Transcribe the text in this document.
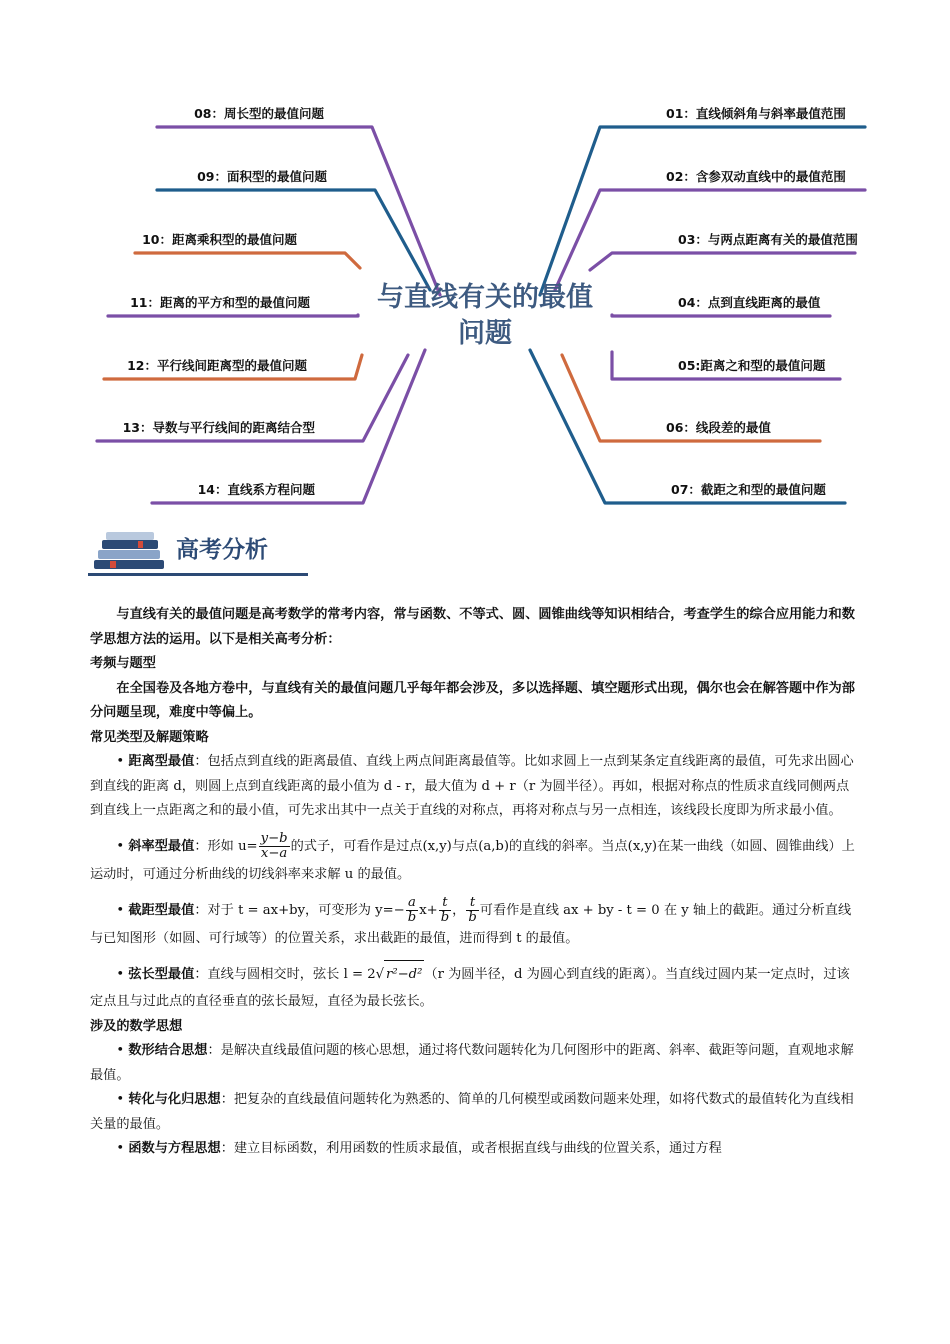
与直线有关的最值问题
08：周长型的最值问题
09：面积型的最值问题
10：距离乘积型的最值问题
11：距离的平方和型的最值问题
12：平行线间距离型的最值问题
13：导数与平行线间的距离结合型
14：直线系方程问题
01：直线倾斜角与斜率最值范围
02：含参双动直线中的最值范围
03：与两点距离有关的最值范围
04：点到直线距离的最值
05:距离之和型的最值问题
06：线段差的最值
07：截距之和型的最值问题
高考分析

与直线有关的最值问题是高考数学的常考内容，常与函数、不等式、圆、圆锥曲线等知识相结合，考查学生的综合应用能力和数学思想方法的运用。以下是相关高考分析：

考频与题型

在全国卷及各地方卷中，与直线有关的最值问题几乎每年都会涉及，多以选择题、填空题形式出现，偶尔也会在解答题中作为部分问题呈现，难度中等偏上。

常见类型及解题策略

• 距离型最值：包括点到直线的距离最值、直线上两点间距离最值等。比如求圆上一点到某条定直线距离的最值，可先求出圆心到直线的距离 d，则圆上点到直线距离的最小值为 d - r，最大值为 d + r（r 为圆半径）。再如，根据对称点的性质求直线同侧两点到直线上一点距离之和的最小值，可先求出其中一点关于直线的对称点，再将对称点与另一点相连，该线段长度即为所求最小值。

• 斜率型最值：形如 $u= \frac{y-b}{x-a}$ 的式子，可看作是过点(x,y)与点(a,b)的直线的斜率。当点(x,y)在某一曲线（如圆、圆锥曲线）上运动时，可通过分析曲线的切线斜率来求解 u 的最值。

• 截距型最值：对于 t = ax+by，可变形为 $y=- \frac{a}{b} x+ \frac{t}{b}$ ， $\frac{t}{b}$ 可看作是直线 ax + by - t = 0 在 y 轴上的截距。通过分析直线与已知图形（如圆、可行域等）的位置关系，求出截距的最值，进而得到 t 的最值。

• 弦长型最值：直线与圆相交时，弦长 l = 2√ r²−d² （r 为圆半径，d 为圆心到直线的距离）。当直线过圆内某一定点时，过该定点且与过此点的直径垂直的弦长最短，直径为最长弦长。

涉及的数学思想

• 数形结合思想：是解决直线最值问题的核心思想，通过将代数问题转化为几何图形中的距离、斜率、截距等问题，直观地求解最值。

• 转化与化归思想：把复杂的直线最值问题转化为熟悉的、简单的几何模型或函数问题来处理，如将代数式的最值转化为直线相关量的最值。

• 函数与方程思想：建立目标函数，利用函数的性质求最值，或者根据直线与曲线的位置关系，通过方程
